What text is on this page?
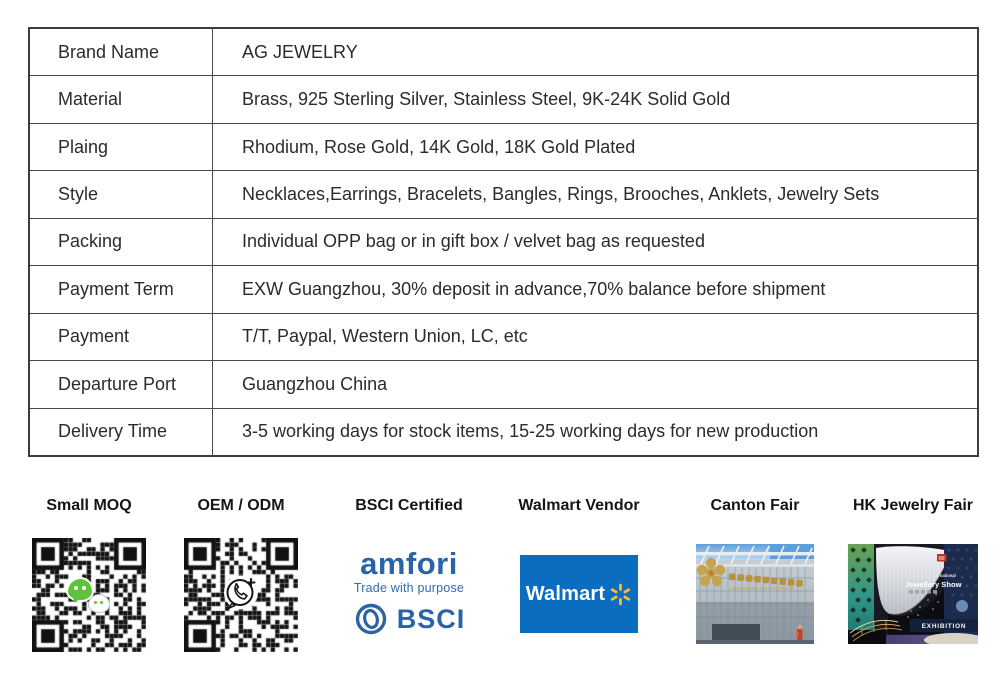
Brand Name	AG JEWELRY
Material	Brass, 925 Sterling Silver, Stainless Steel, 9K-24K Solid Gold
Plaing	Rhodium, Rose Gold, 14K Gold, 18K Gold Plated
Style	Necklaces,Earrings, Bracelets, Bangles, Rings, Brooches, Anklets, Jewelry Sets
Packing	Individual OPP bag or in gift box / velvet bag as requested
Payment Term	EXW Guangzhou, 30% deposit in advance,70% balance before shipment
Payment	T/T, Paypal, Western Union, LC, etc
Departure Port	Guangzhou China
Delivery Time	3-5 working days for stock items, 15-25 working days for new production
Small MOQ	OEM / ODM	BSCI Certified
amfori
Trade with purpose
BSCI
Walmart Vendor
Walmart
Canton Fair
CHINA IMPORT AND EXPORT FAIR
HK Jewelry Fair
Hong Kong International
Jewellery Show
EXHIBITION
